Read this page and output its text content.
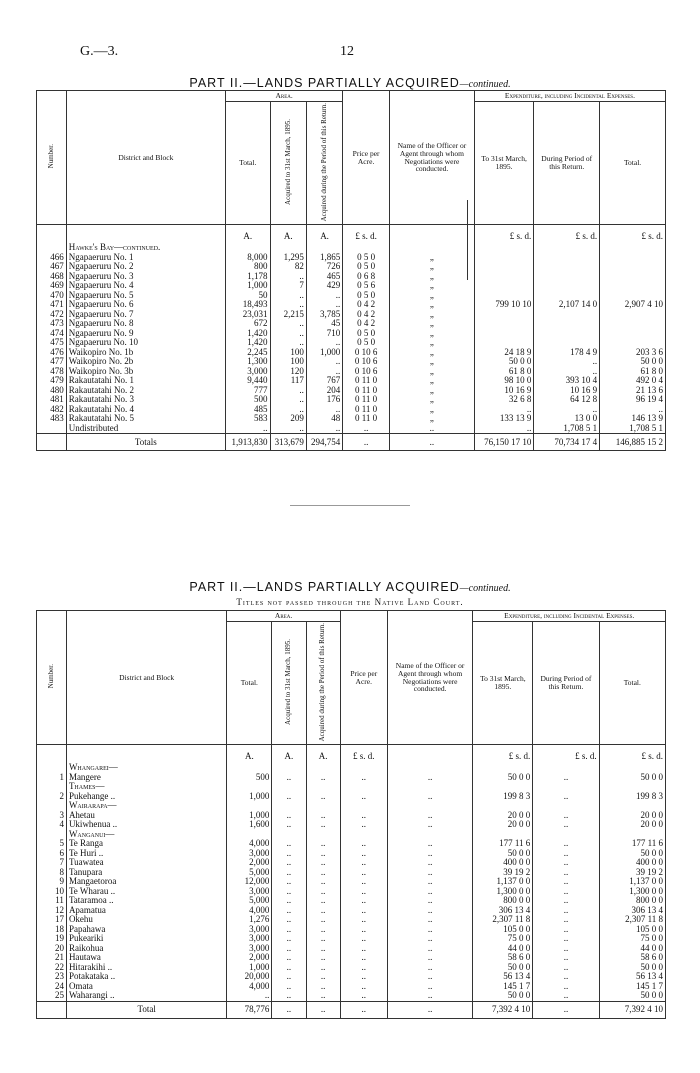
G.—3.	12
PART II.—LANDS PARTIALLY ACQUIRED—continued.
Number.	District and Block	Area.			Price per Acre.	Name of the Officer or Agent through whom Negotiations were conducted.	Expenditure, including Incidental Expenses.		
		Total.	Acquired to 31st March, 1895.	Acquired during the Period of this Return.			To 31st March, 1895.	During Period of this Return.	Total.
		A.	A.	A.	£ s. d.		£ s. d.	£ s. d.	£ s. d.
	Hawke's Bay—continued.								
466	Ngapaeruru No. 1	8,000	1,295	1,865	0 5 0	„			
467	Ngapaeruru No. 2	800	82	726	0 5 0	„			
468	Ngapaeruru No. 3	1,178	..	465	0 6 8	„			
469	Ngapaeruru No. 4	1,000	7	429	0 5 6	„			
470	Ngapaeruru No. 5	50	..	..	0 5 0	„			
471	Ngapaeruru No. 6	18,493	..	..	0 4 2	„	799 10 10	2,107 14 0	2,907 4 10
472	Ngapaeruru No. 7	23,031	2,215	3,785	0 4 2	„			
473	Ngapaeruru No. 8	672	..	45	0 4 2	„			
474	Ngapaeruru No. 9	1,420	..	710	0 5 0	„			
475	Ngapaeruru No. 10	1,420	..	..	0 5 0	„			
476	Waikopiro No. 1b	2,245	100	1,000	0 10 6	„	24 18 9	178 4 9	203 3 6
477	Waikopiro No. 2b	1,300	100	..	0 10 6	„	50 0 0	..	50 0 0
478	Waikopiro No. 3b	3,000	120	..	0 10 6	„	61 8 0	..	61 8 0
479	Rakautatahi No. 1	9,440	117	767	0 11 0	„	98 10 0	393 10 4	492 0 4
480	Rakautatahi No. 2	777	..	204	0 11 0	„	10 16 9	10 16 9	21 13 6
481	Rakautatahi No. 3	500	..	176	0 11 0	„	32 6 8	64 12 8	96 19 4
482	Rakautatahi No. 4	485	..	..	0 11 0	„	..	..	..
483	Rakautatahi No. 5	583	209	48	0 11 0	„	133 13 9	13 0 0	146 13 9
	Undistributed	..	..	..	..	..	..	1,708 5 1	1,708 5 1
	Totals	1,913,830	313,679	294,754	..	..	76,150 17 10	70,734 17 4	146,885 15 2
PART II.—LANDS PARTIALLY ACQUIRED—continued.
Titles not passed through the Native Land Court.
Number.	District and Block	Area.			Price per Acre.	Name of the Officer or Agent through whom Negotiations were conducted.	Expenditure, including Incidental Expenses.		
		Total.	Acquired to 31st March, 1895.	Acquired during the Period of this Return.			To 31st March, 1895.	During Period of this Return.	Total.
		A.	A.	A.	£ s. d.		£ s. d.	£ s. d.	£ s. d.
	Whangarei—								
1	Mangere	500	..	..	..	..	50 0 0	..	50 0 0
	Thames—								
2	Pukehange ..	1,000	..	..	..	..	199 8 3	..	199 8 3
	Wairarapa—								
3	Ahetau	1,000	..	..	..	..	20 0 0	..	20 0 0
4	Ukiwhenua ..	1,600	..	..	..	..	20 0 0	..	20 0 0
	Wanganui—								
5	Te Ranga	4,000	..	..	..	..	177 11 6	..	177 11 6
6	Te Huri ..	3,000	..	..	..	..	50 0 0	..	50 0 0
7	Tuawatea	2,000	..	..	..	..	400 0 0	..	400 0 0
8	Tanupara	5,000	..	..	..	..	39 19 2	..	39 19 2
9	Mangaetoroa	12,000	..	..	..	..	1,137 0 0	..	1,137 0 0
10	Te Wharau ..	3,000	..	..	..	..	1,300 0 0	..	1,300 0 0
11	Tataramoa ..	5,000	..	..	..	..	800 0 0	..	800 0 0
12	Apamatua	4,000	..	..	..	..	306 13 4	..	306 13 4
17	Okehu	1,276	..	..	..	..	2,307 11 8	..	2,307 11 8
18	Papahawa	3,000	..	..	..	..	105 0 0	..	105 0 0
19	Pukeariki	3,000	..	..	..	..	75 0 0	..	75 0 0
20	Raikohua	3,000	..	..	..	..	44 0 0	..	44 0 0
21	Hautawa	2,000	..	..	..	..	58 6 0	..	58 6 0
22	Hitarakihi ..	1,000	..	..	..	..	50 0 0	..	50 0 0
23	Potakataka ..	20,000	..	..	..	..	56 13 4	..	56 13 4
24	Omata	4,000	..	..	..	..	145 1 7	..	145 1 7
25	Waharangi ..	..	..	..	..	..	50 0 0	..	50 0 0
	Total	78,776	..	..	..	..	7,392 4 10	..	7,392 4 10
